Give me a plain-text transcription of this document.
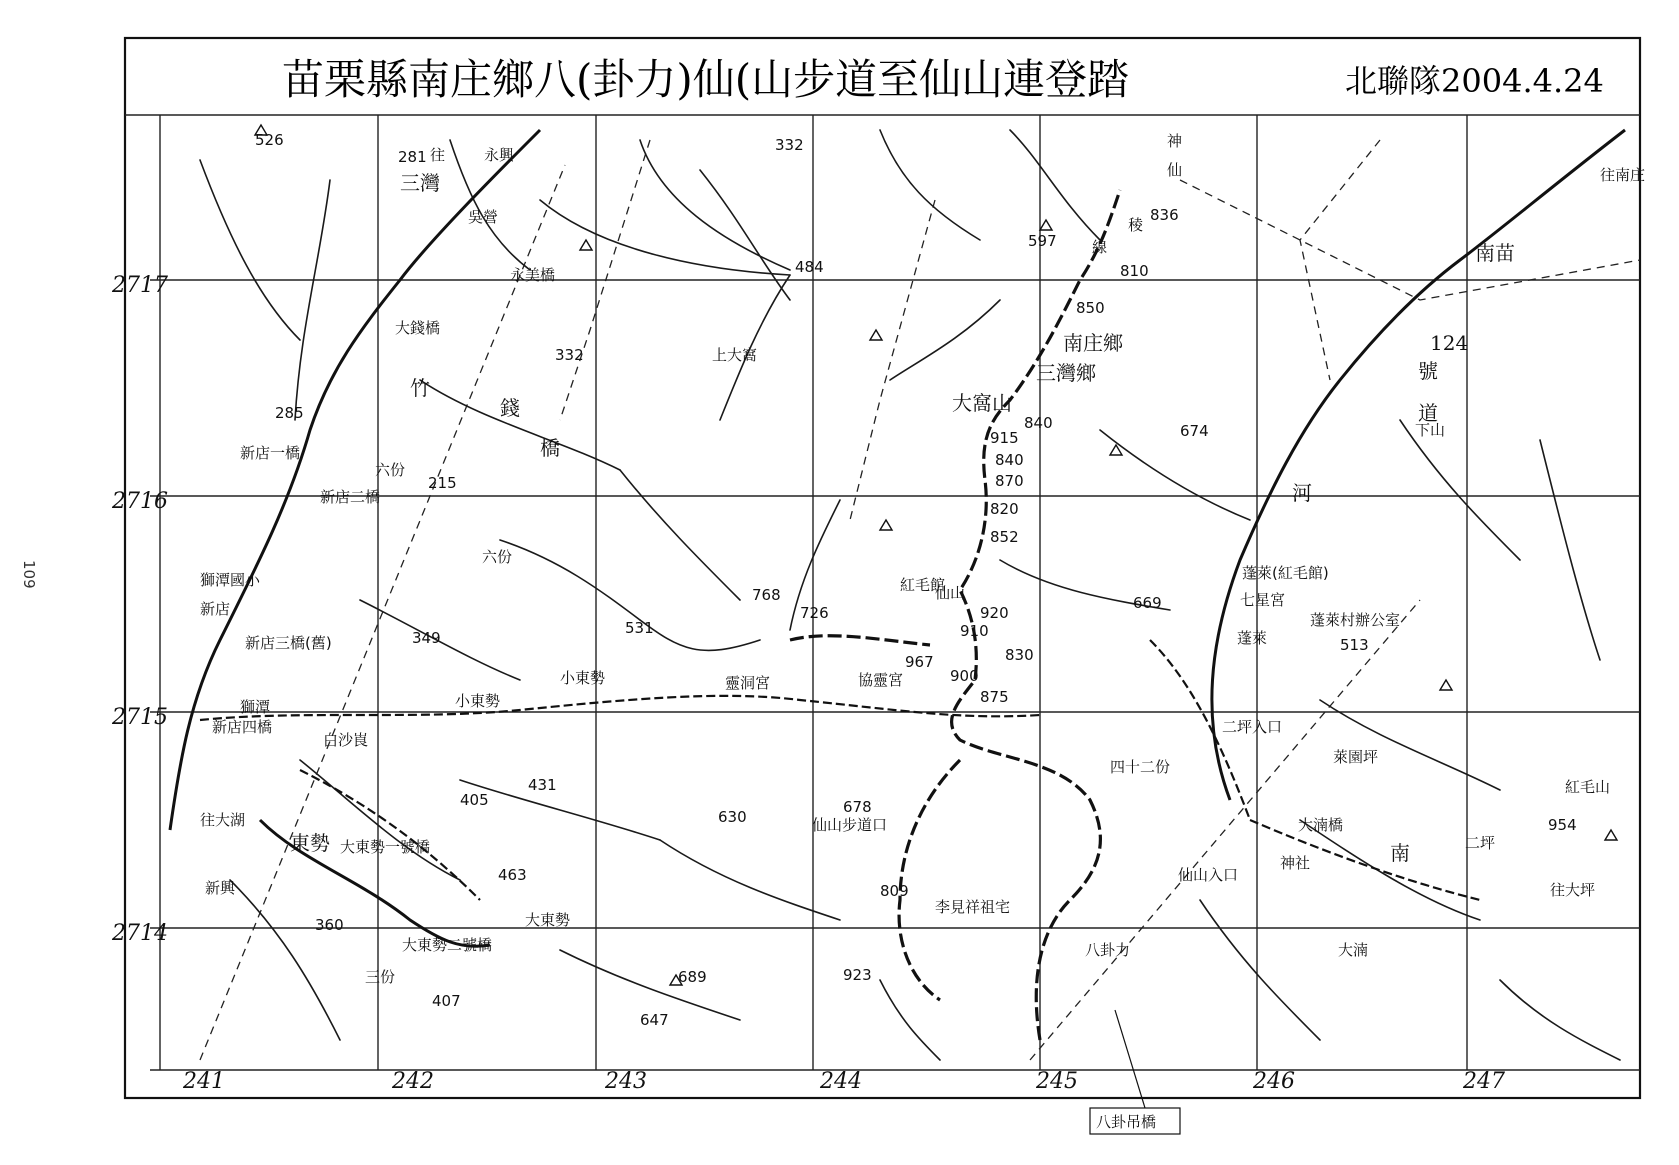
苗栗縣南庄鄉八(卦力)仙(山步道至仙山連登踏	北聯隊2004.4.24
109
241	242	243	244	245	246	247
2717
2716
2715
2714
526
281
332
484
597
836
810
850
332
285
215
840
915
840
870
674
820
852
768
726
669
531
349
920
910
967	830
513
900
875
431
405
630
678
809
463
360
689	923
647
407
954
往	永興
三灣
吳營
永美橋
大錢橋
神
仙
稜
線
南庄鄉
三灣鄉
上大窩
大窩山
竹
錢
橋
往南庄
南苗
124
號
道
下山
河
新店一橋
六份
新店二橋
六份
獅潭國小
新店
新店三橋(舊)
紅毛館
仙山
蓬萊(紅毛館)
七星宮
蓬萊
蓬萊村辦公室
小東勢
小東勢
靈洞宮	協靈宮
獅潭
新店四橋
白沙崀
二坪入口
萊園坪
紅毛山
往大湖
新興
東勢 大東勢一號橋
三份
大東勢二號橋
大東勢
仙山步道口
仙山入口
李見祥祖宅
八卦力
大湳橋
神社
二坪
往大坪
大湳
四十二份
南
八卦吊橋
